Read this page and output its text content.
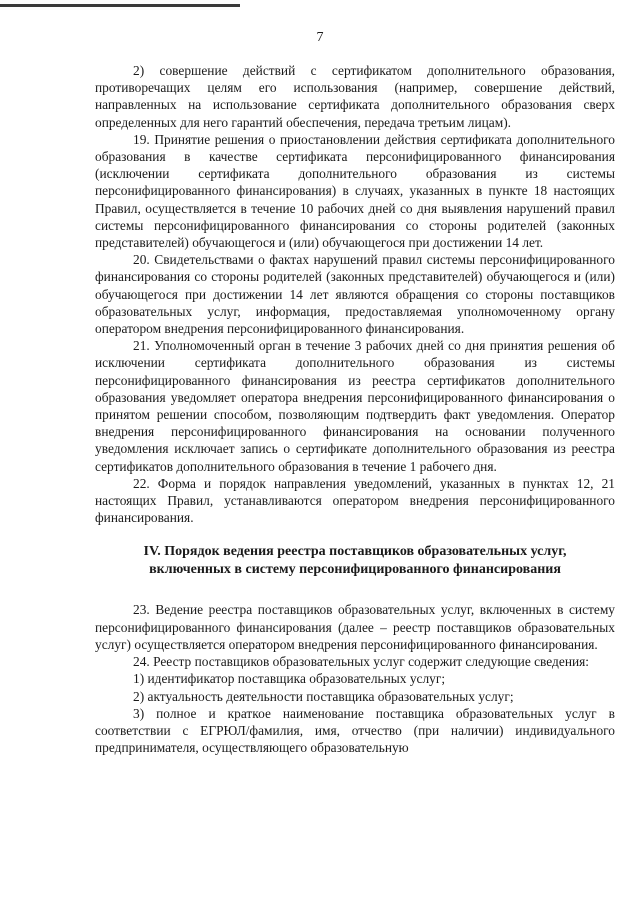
7

2) совершение действий с сертификатом дополнительного образования, противоречащих целям его использования (например, совершение действий, направленных на использование сертификата дополнительного образования сверх определенных для него гарантий обеспечения, передача третьим лицам).

19. Принятие решения о приостановлении действия сертификата дополнительного образования в качестве сертификата персонифицированного финансирования (исключении сертификата дополнительного образования из системы персонифицированного финансирования) в случаях, указанных в пункте 18 настоящих Правил, осуществляется в течение 10 рабочих дней со дня выявления нарушений правил системы персонифицированного финансирования со стороны родителей (законных представителей) обучающегося и (или) обучающегося при достижении 14 лет.

20. Свидетельствами о фактах нарушений правил системы персонифицированного финансирования со стороны родителей (законных представителей) обучающегося и (или) обучающегося при достижении 14 лет являются обращения со стороны поставщиков образовательных услуг, информация, предоставляемая уполномоченному органу оператором внедрения персонифицированного финансирования.

21. Уполномоченный орган в течение 3 рабочих дней со дня принятия решения об исключении сертификата дополнительного образования из системы персонифицированного финансирования из реестра сертификатов дополнительного образования уведомляет оператора внедрения персонифицированного финансирования о принятом решении способом, позволяющим подтвердить факт уведомления. Оператор внедрения персонифицированного финансирования на основании полученного уведомления исключает запись о сертификате дополнительного образования из реестра сертификатов дополнительного образования в течение 1 рабочего дня.

22. Форма и порядок направления уведомлений, указанных в пунктах 12, 21 настоящих Правил, устанавливаются оператором внедрения персонифицированного финансирования.

IV. Порядок ведения реестра поставщиков образовательных услуг,
включенных в систему персонифицированного финансирования

23. Ведение реестра поставщиков образовательных услуг, включенных в систему персонифицированного финансирования (далее – реестр поставщиков образовательных услуг) осуществляется оператором внедрения персонифицированного финансирования.

24. Реестр поставщиков образовательных услуг содержит следующие сведения:

1) идентификатор поставщика образовательных услуг;

2) актуальность деятельности поставщика образовательных услуг;

3) полное и краткое наименование поставщика образовательных услуг в соответствии с ЕГРЮЛ/фамилия, имя, отчество (при наличии) индивидуального предпринимателя, осуществляющего образовательную
